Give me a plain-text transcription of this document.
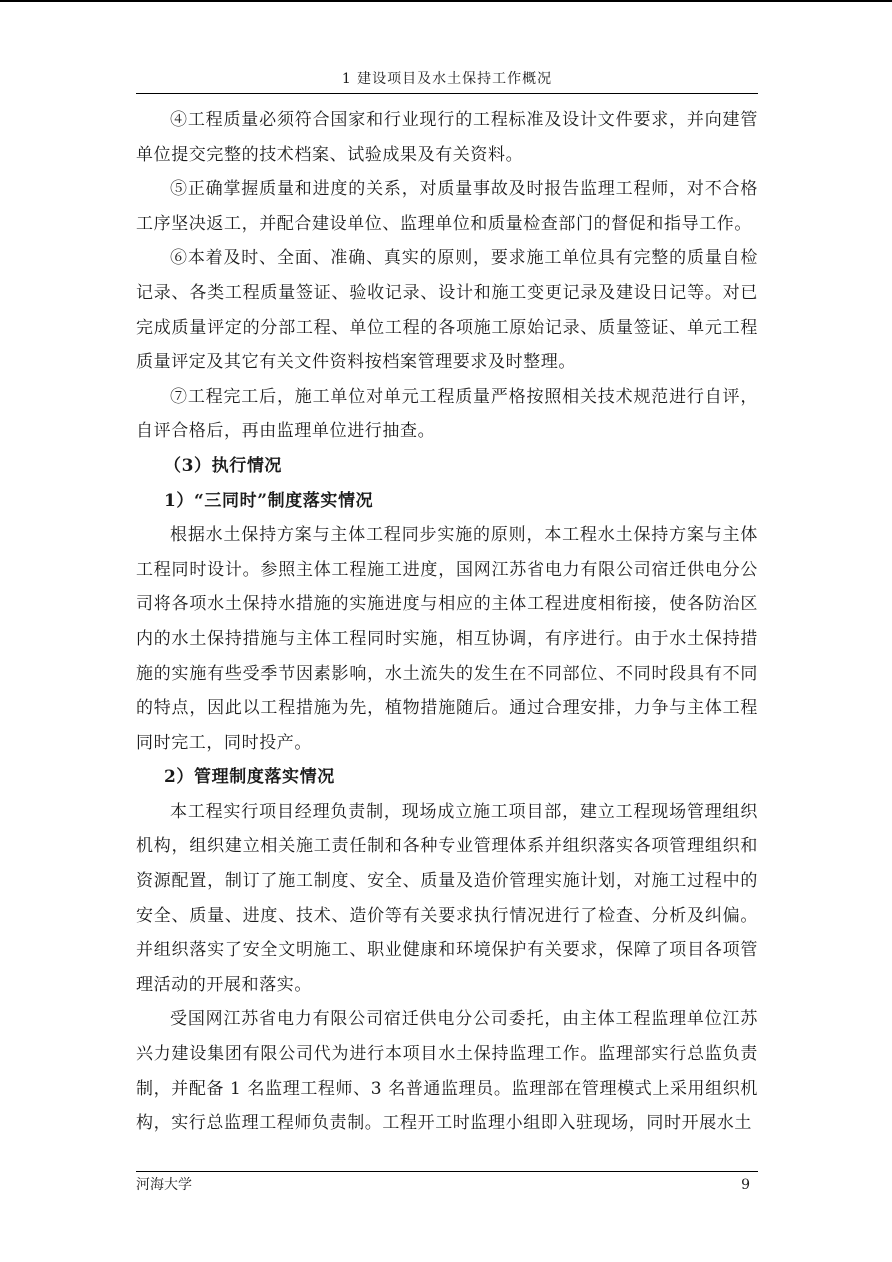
1 建设项目及水土保持工作概况

④工程质量必须符合国家和行业现行的工程标准及设计文件要求，并向建管单位提交完整的技术档案、试验成果及有关资料。

⑤正确掌握质量和进度的关系，对质量事故及时报告监理工程师，对不合格工序坚决返工，并配合建设单位、监理单位和质量检查部门的督促和指导工作。

⑥本着及时、全面、准确、真实的原则，要求施工单位具有完整的质量自检记录、各类工程质量签证、验收记录、设计和施工变更记录及建设日记等。对已完成质量评定的分部工程、单位工程的各项施工原始记录、质量签证、单元工程质量评定及其它有关文件资料按档案管理要求及时整理。

⑦工程完工后，施工单位对单元工程质量严格按照相关技术规范进行自评，自评合格后，再由监理单位进行抽查。

（3）执行情况

1）“三同时”制度落实情况

根据水土保持方案与主体工程同步实施的原则，本工程水土保持方案与主体工程同时设计。参照主体工程施工进度，国网江苏省电力有限公司宿迁供电分公司将各项水土保持水措施的实施进度与相应的主体工程进度相衔接，使各防治区内的水土保持措施与主体工程同时实施，相互协调，有序进行。由于水土保持措施的实施有些受季节因素影响，水土流失的发生在不同部位、不同时段具有不同的特点，因此以工程措施为先，植物措施随后。通过合理安排，力争与主体工程同时完工，同时投产。

2）管理制度落实情况

本工程实行项目经理负责制，现场成立施工项目部，建立工程现场管理组织机构，组织建立相关施工责任制和各种专业管理体系并组织落实各项管理组织和资源配置，制订了施工制度、安全、质量及造价管理实施计划，对施工过程中的安全、质量、进度、技术、造价等有关要求执行情况进行了检查、分析及纠偏。并组织落实了安全文明施工、职业健康和环境保护有关要求，保障了项目各项管理活动的开展和落实。

受国网江苏省电力有限公司宿迁供电分公司委托，由主体工程监理单位江苏兴力建设集团有限公司代为进行本项目水土保持监理工作。监理部实行总监负责制，并配备 1 名监理工程师、3 名普通监理员。监理部在管理模式上采用组织机构，实行总监理工程师负责制。工程开工时监理小组即入驻现场，同时开展水土

河海大学	9
